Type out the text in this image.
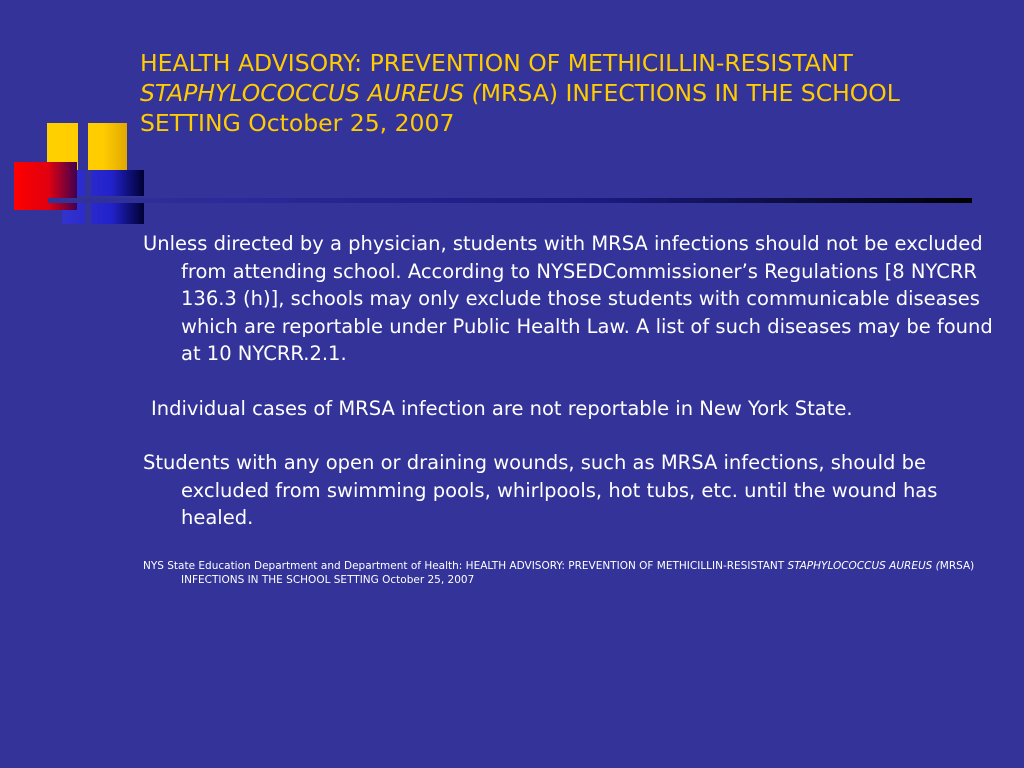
HEALTH ADVISORY: PREVENTION OF METHICILLIN-RESISTANT
STAPHYLOCOCCUS AUREUS (MRSA) INFECTIONS IN THE SCHOOL SETTING October 25, 2007

Unless directed by a physician, students with MRSA infections should not be excluded from attending school. According to NYSEDCommissioner’s Regulations [8 NYCRR 136.3 (h)], schools may only exclude those students with communicable diseases which are reportable under Public Health Law. A list of such diseases may be found at 10 NYCRR.2.1.

Individual cases of MRSA infection are not reportable in New York State.

Students with any open or draining wounds, such as MRSA infections, should be excluded from swimming pools, whirlpools, hot tubs, etc. until the wound has healed.

NYS State Education Department and Department of Health: HEALTH ADVISORY: PREVENTION OF METHICILLIN-RESISTANT STAPHYLOCOCCUS AUREUS (MRSA) INFECTIONS IN THE SCHOOL SETTING October 25, 2007
